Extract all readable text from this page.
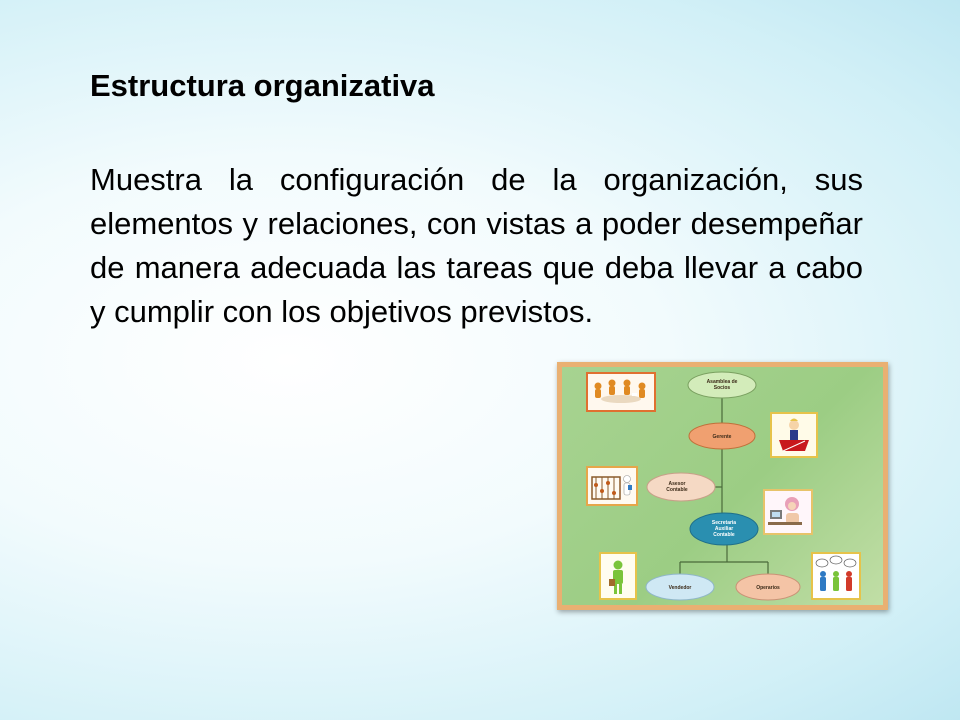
Estructura organizativa
Muestra la configuración de la organización, sus elementos y relaciones, con vistas a poder desempeñar de manera adecuada las tareas que deba llevar a cabo y cumplir con los objetivos previstos.
Asamblea de
Socios
Gerente
Asesor
Contable
Secretaria
Auxiliar
Contable
Vendedor	Operarios
